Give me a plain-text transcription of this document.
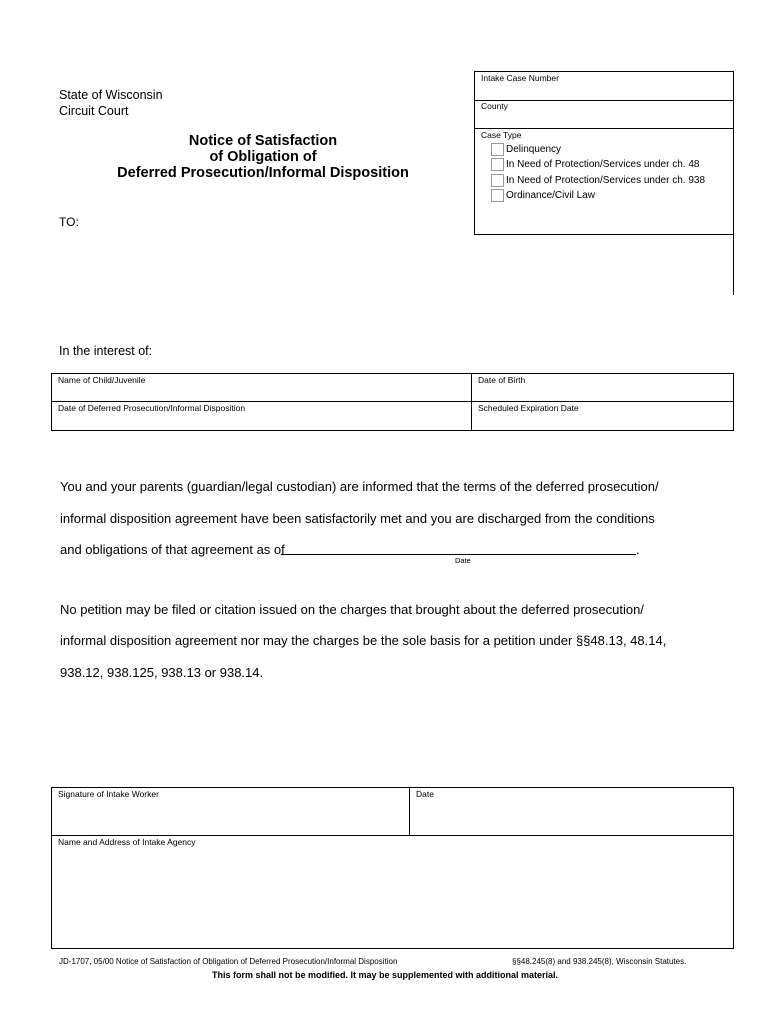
State of Wisconsin
Circuit Court
Notice of Satisfaction
of Obligation of
Deferred Prosecution/Informal Disposition
TO:
Intake Case Number
County
Case Type
Delinquency
In Need of Protection/Services under ch. 48
In Need of Protection/Services under ch. 938
Ordinance/Civil Law
In the interest of:
Name of Child/Juvenile	Date of Birth
Date of Deferred Prosecution/Informal Disposition	Scheduled Expiration Date
You and your parents (guardian/legal custodian) are informed that the terms of the deferred prosecution/
informal disposition agreement have been satisfactorily met and you are discharged from the conditions
and obligations of that agreement as of	.
Date
No petition may be filed or citation issued on the charges that brought about the deferred prosecution/
informal disposition agreement nor may the charges be the sole basis for a petition under §§48.13, 48.14,
938.12, 938.125, 938.13 or 938.14.
Signature of Intake Worker	Date
Name and Address of Intake Agency
JD-1707, 05/00 Notice of Satisfaction of Obligation of Deferred Prosecution/Informal Disposition	§§48.245(8) and 938.245(8), Wisconsin Statutes.
This form shall not be modified. It may be supplemented with additional material.
